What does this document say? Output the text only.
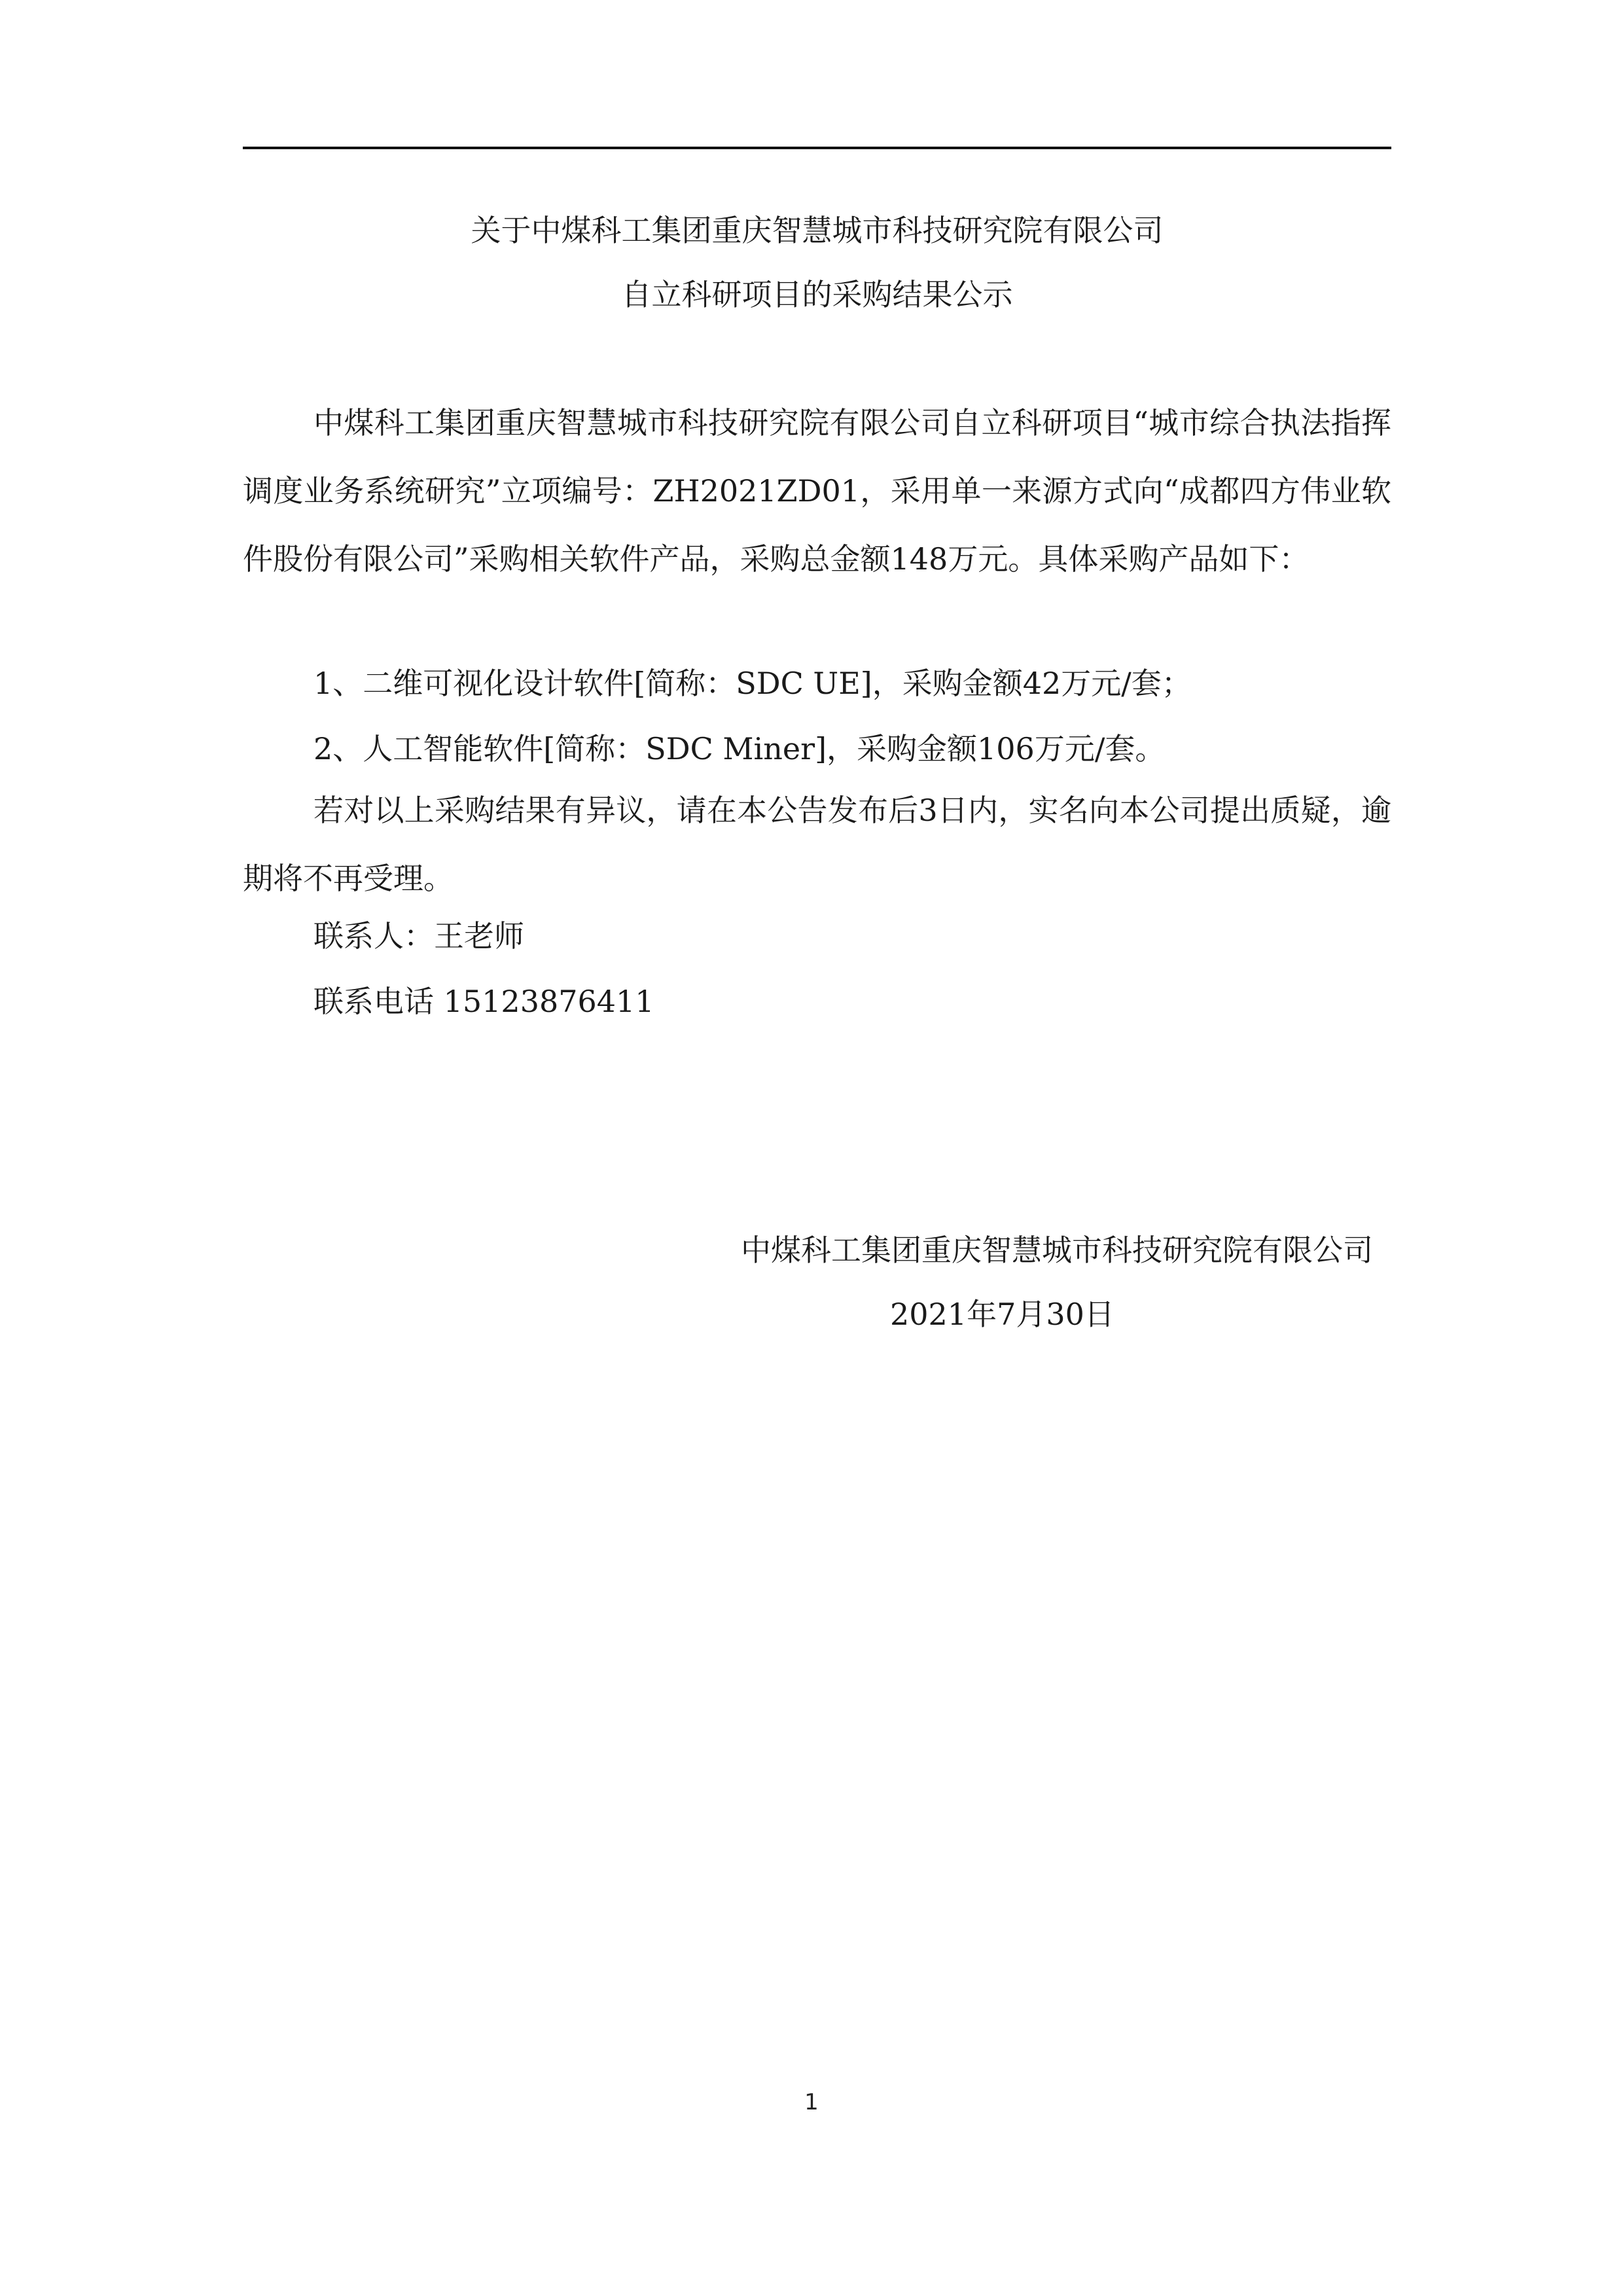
关于中煤科工集团重庆智慧城市科技研究院有限公司
自立科研项目的采购结果公示

中煤科工集团重庆智慧城市科技研究院有限公司自立科研项目“城市综合执法指挥调度业务系统研究”立项编号：ZH2021ZD01，采用单一来源方式向“成都四方伟业软件股份有限公司”采购相关软件产品，采购总金额148万元。具体采购产品如下：

1、二维可视化设计软件[简称：SDC UE]，采购金额42万元/套；
2、人工智能软件[简称：SDC Miner]，采购金额106万元/套。

若对以上采购结果有异议，请在本公告发布后3日内，实名向本公司提出质疑，逾期将不再受理。

联系人：王老师
联系电话 15123876411
中煤科工集团重庆智慧城市科技研究院有限公司
2021年7月30日
1
